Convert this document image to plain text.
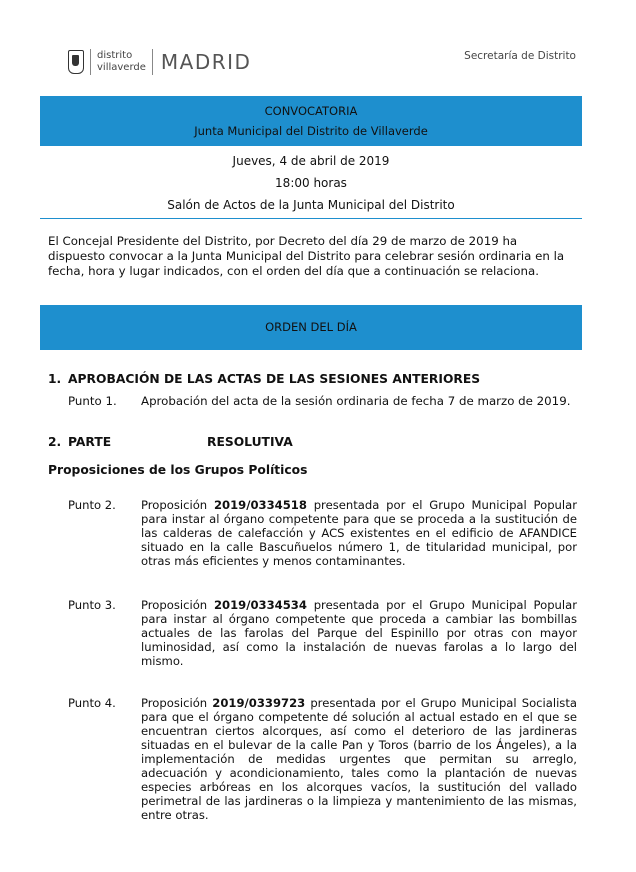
distrito
villaverde MADRID	Secretaría de Distrito
CONVOCATORIA
Junta Municipal del Distrito de Villaverde
Jueves, 4 de abril de 2019
18:00 horas
Salón de Actos de la Junta Municipal del Distrito
El Concejal Presidente del Distrito, por Decreto del día 29 de marzo de 2019 ha dispuesto convocar a la Junta Municipal del Distrito para celebrar sesión ordinaria en la fecha, hora y lugar indicados, con el orden del día que a continuación se relaciona.
ORDEN DEL DÍA
1. APROBACIÓN DE LAS ACTAS DE LAS SESIONES ANTERIORES
Punto 1. Aprobación del acta de la sesión ordinaria de fecha 7 de marzo de 2019.
2. PARTE	RESOLUTIVA
Proposiciones de los Grupos Políticos
Punto 2. Proposición 2019/0334518 presentada por el Grupo Municipal Popular para instar al órgano competente para que se proceda a la sustitución de las calderas de calefacción y ACS existentes en el edificio de AFANDICE situado en la calle Bascuñuelos número 1, de titularidad municipal, por otras más eficientes y menos contaminantes.
Punto 3. Proposición 2019/0334534 presentada por el Grupo Municipal Popular para instar al órgano competente que proceda a cambiar las bombillas actuales de las farolas del Parque del Espinillo por otras con mayor luminosidad, así como la instalación de nuevas farolas a lo largo del mismo.
Punto 4. Proposición 2019/0339723 presentada por el Grupo Municipal Socialista para que el órgano competente dé solución al actual estado en el que se encuentran ciertos alcorques, así como el deterioro de las jardineras situadas en el bulevar de la calle Pan y Toros (barrio de los Ángeles), a la implementación de medidas urgentes que permitan su arreglo, adecuación y acondicionamiento, tales como la plantación de nuevas especies arbóreas en los alcorques vacíos, la sustitución del vallado perimetral de las jardineras o la limpieza y mantenimiento de las mismas, entre otras.
